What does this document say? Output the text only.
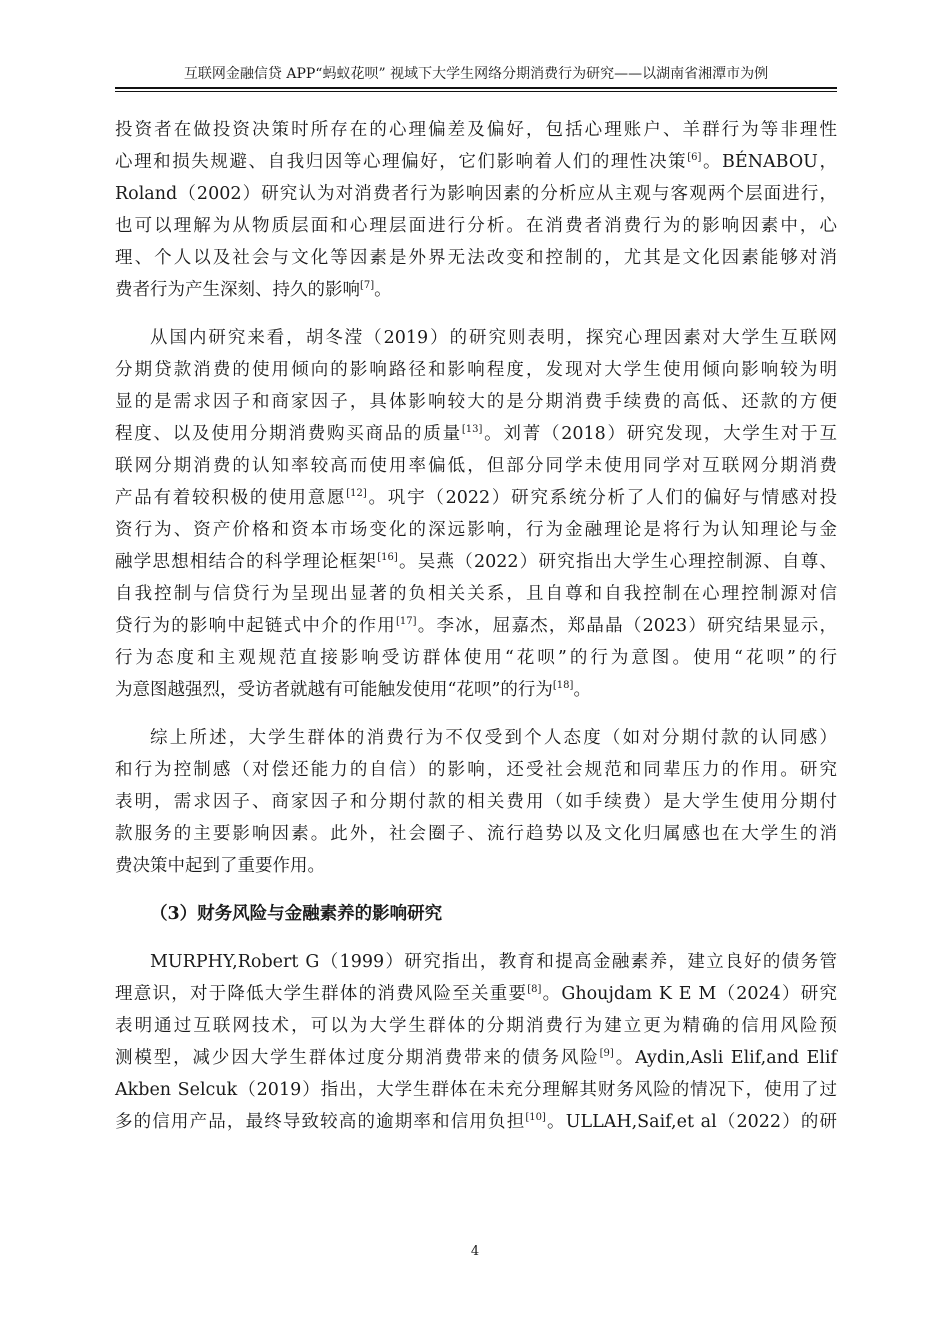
互联网金融信贷 APP“蚂蚁花呗” 视域下大学生网络分期消费行为研究——以湖南省湘潭市为例
投资者在做投资决策时所存在的心理偏差及偏好，包括心理账户、羊群行为等非理性
心理和损失规避、自我归因等心理偏好，它们影响着人们的理性决策[6]。BÉNABOU，
Roland（2002）研究认为对消费者行为影响因素的分析应从主观与客观两个层面进行，
也可以理解为从物质层面和心理层面进行分析。在消费者消费行为的影响因素中，心
理、个人以及社会与文化等因素是外界无法改变和控制的，尤其是文化因素能够对消
费者行为产生深刻、持久的影响[7]。
从国内研究来看，胡冬滢（2019）的研究则表明，探究心理因素对大学生互联网
分期贷款消费的使用倾向的影响路径和影响程度，发现对大学生使用倾向影响较为明
显的是需求因子和商家因子，具体影响较大的是分期消费手续费的高低、还款的方便
程度、以及使用分期消费购买商品的质量[13]。刘菁（2018）研究发现，大学生对于互
联网分期消费的认知率较高而使用率偏低，但部分同学未使用同学对互联网分期消费
产品有着较积极的使用意愿[12]。巩宇（2022）研究系统分析了人们的偏好与情感对投
资行为、资产价格和资本市场变化的深远影响，行为金融理论是将行为认知理论与金
融学思想相结合的科学理论框架[16]。吴燕（2022）研究指出大学生心理控制源、自尊、
自我控制与信贷行为呈现出显著的负相关关系，且自尊和自我控制在心理控制源对信
贷行为的影响中起链式中介的作用[17]。李冰，屈嘉杰，郑晶晶（2023）研究结果显示，
行为态度和主观规范直接影响受访群体使用“花呗”的行为意图。使用“花呗”的行
为意图越强烈，受访者就越有可能触发使用“花呗”的行为[18]。
综上所述，大学生群体的消费行为不仅受到个人态度（如对分期付款的认同感）
和行为控制感（对偿还能力的自信）的影响，还受社会规范和同辈压力的作用。研究
表明，需求因子、商家因子和分期付款的相关费用（如手续费）是大学生使用分期付
款服务的主要影响因素。此外，社会圈子、流行趋势以及文化归属感也在大学生的消
费决策中起到了重要作用。
（3）财务风险与金融素养的影响研究
MURPHY,Robert G（1999）研究指出，教育和提高金融素养，建立良好的债务管
理意识，对于降低大学生群体的消费风险至关重要[8]。Ghoujdam K E M（2024）研究
表明通过互联网技术，可以为大学生群体的分期消费行为建立更为精确的信用风险预
测模型，减少因大学生群体过度分期消费带来的债务风险[9]。Aydin,Asli Elif,and Elif
Akben Selcuk（2019）指出，大学生群体在未充分理解其财务风险的情况下，使用了过
多的信用产品，最终导致较高的逾期率和信用负担[10]。ULLAH,Saif,et al（2022）的研
4
